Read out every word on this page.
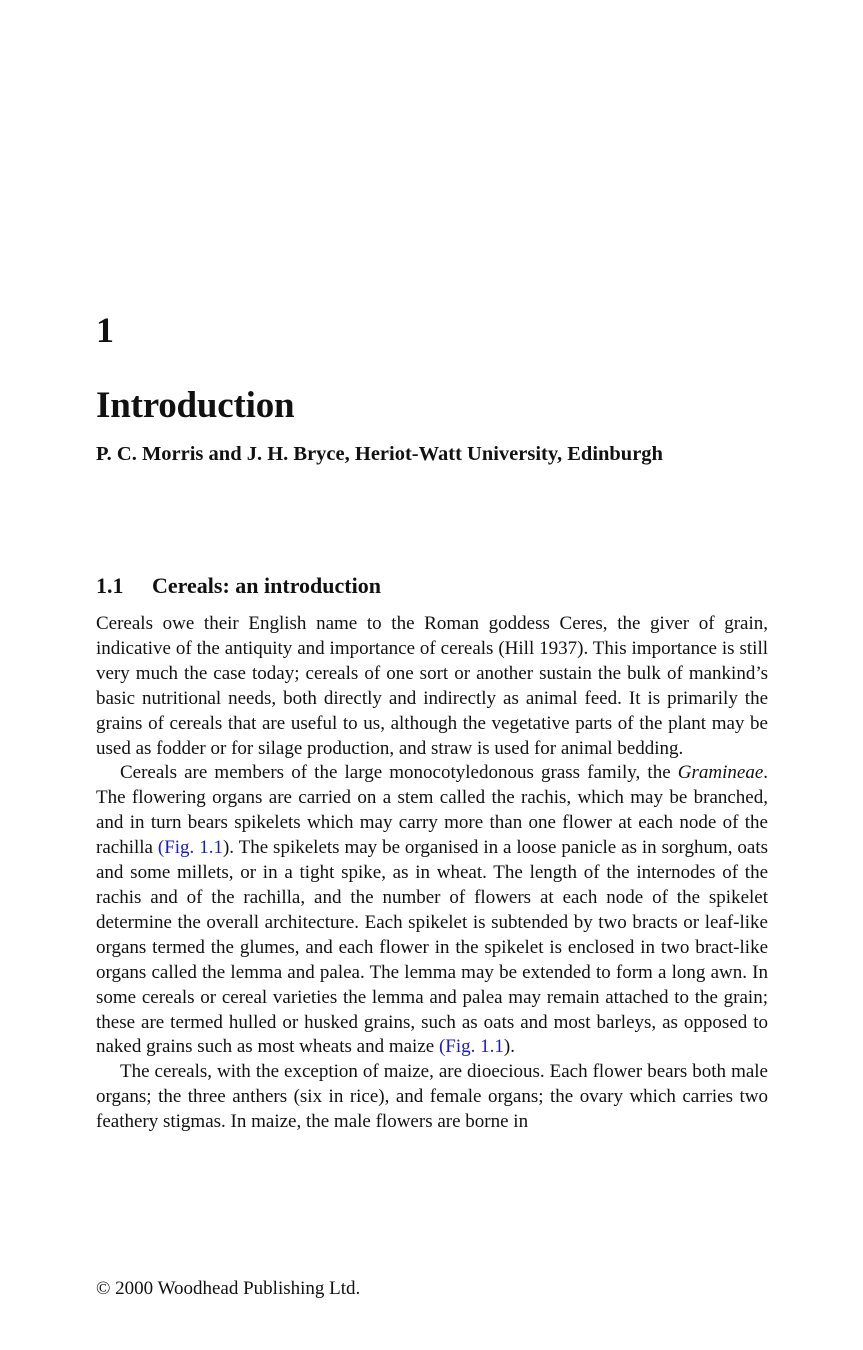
1
Introduction
P. C. Morris and J. H. Bryce, Heriot-Watt University, Edinburgh
1.1 Cereals: an introduction

Cereals owe their English name to the Roman goddess Ceres, the giver of grain, indicative of the antiquity and importance of cereals (Hill 1937). This importance is still very much the case today; cereals of one sort or another sustain the bulk of mankind’s basic nutritional needs, both directly and indirectly as animal feed. It is primarily the grains of cereals that are useful to us, although the vegetative parts of the plant may be used as fodder or for silage production, and straw is used for animal bedding.

Cereals are members of the large monocotyledonous grass family, the Gramineae. The flowering organs are carried on a stem called the rachis, which may be branched, and in turn bears spikelets which may carry more than one flower at each node of the rachilla (Fig. 1.1). The spikelets may be organised in a loose panicle as in sorghum, oats and some millets, or in a tight spike, as in wheat. The length of the internodes of the rachis and of the rachilla, and the number of flowers at each node of the spikelet determine the overall architecture. Each spikelet is subtended by two bracts or leaf-like organs termed the glumes, and each flower in the spikelet is enclosed in two bract-like organs called the lemma and palea. The lemma may be extended to form a long awn. In some cereals or cereal varieties the lemma and palea may remain attached to the grain; these are termed hulled or husked grains, such as oats and most barleys, as opposed to naked grains such as most wheats and maize (Fig. 1.1).

The cereals, with the exception of maize, are dioecious. Each flower bears both male organs; the three anthers (six in rice), and female organs; the ovary which carries two feathery stigmas. In maize, the male flowers are borne in

© 2000 Woodhead Publishing Ltd.
